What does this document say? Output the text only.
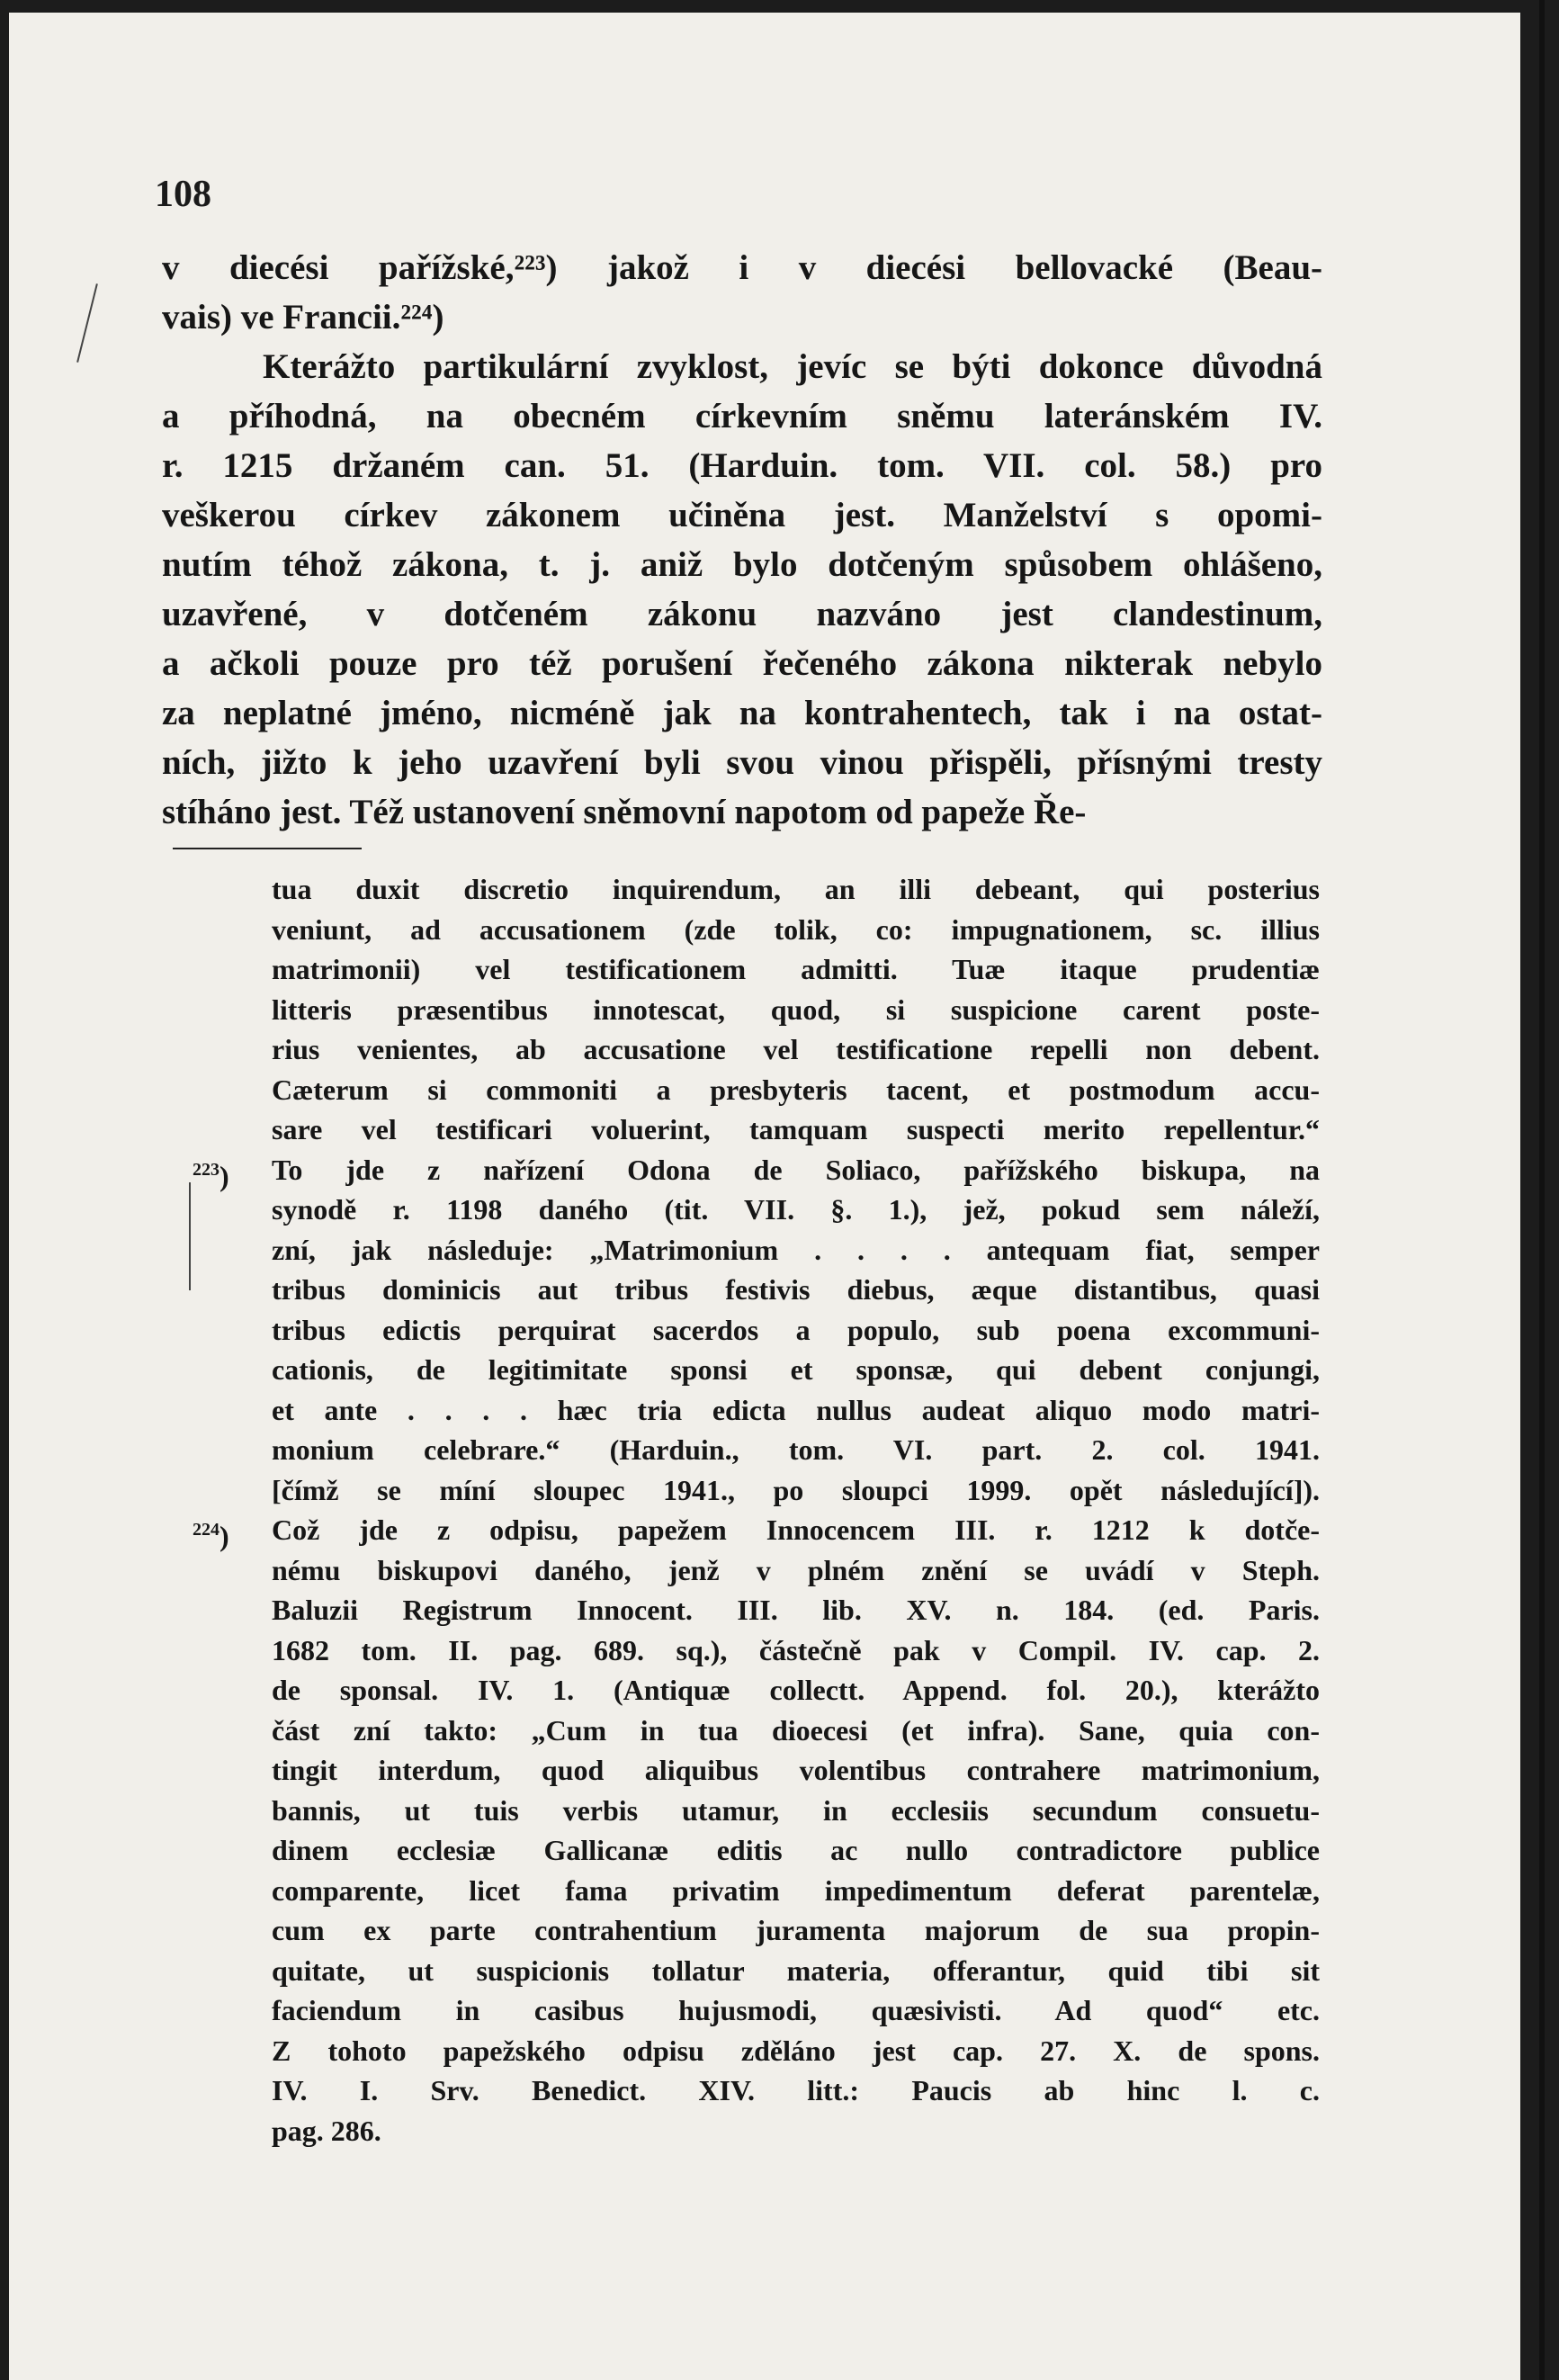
108

v diecési pařížské,²²³) jakož i v diecési bellovacké (Beau-
vais) ve Francii.²²⁴)
Kterážto partikulární zvyklost, jevíc se býti dokonce důvodná
a příhodná, na obecném církevním sněmu lateránském IV.
r. 1215 držaném can. 51. (Harduin. tom. VII. col. 58.) pro
veškerou církev zákonem učiněna jest. Manželství s opomi-
nutím téhož zákona, t. j. aniž bylo dotčeným spůsobem ohlášeno,
uzavřené, v dotčeném zákonu nazváno jest clandestinum,
a ačkoli pouze pro též porušení řečeného zákona nikterak nebylo
za neplatné jméno, nicméně jak na kontrahentech, tak i na ostat-
ních, jižto k jeho uzavření byli svou vinou přispěli, přísnými tresty
stíháno jest. Též ustanovení sněmovní napotom od papeže Ře-
tua duxit discretio inquirendum, an illi debeant, qui posterius
veniunt, ad accusationem (zde tolik, co: impugnationem, sc. illius
matrimonii) vel testificationem admitti. Tuæ itaque prudentiæ
litteris præsentibus innotescat, quod, si suspicione carent poste-
rius venientes, ab accusatione vel testificatione repelli non debent.
Cæterum si commoniti a presbyteris tacent, et postmodum accu-
sare vel testificari voluerint, tamquam suspecti merito repellentur.“
$^{223}$)	To jde z nařízení Odona de Soliaco, pařížského biskupa, na
synodě r. 1198 daného (tit. VII. §. 1.), jež, pokud sem náleží,
zní, jak následuje: „Matrimonium . . . . antequam fiat, semper
tribus dominicis aut tribus festivis diebus, æque distantibus, quasi
tribus edictis perquirat sacerdos a populo, sub poena excommuni-
cationis, de legitimitate sponsi et sponsæ, qui debent conjungi,
et ante . . . . hæc tria edicta nullus audeat aliquo modo matri-
monium celebrare.“ (Harduin., tom. VI. part. 2. col. 1941.
[čímž se míní sloupec 1941., po sloupci 1999. opět následující]).
$^{224}$)	Což jde z odpisu, papežem Innocencem III. r. 1212 k dotče-
nému biskupovi daného, jenž v plném znění se uvádí v Steph.
Baluzii Registrum Innocent. III. lib. XV. n. 184. (ed. Paris.
1682 tom. II. pag. 689. sq.), částečně pak v Compil. IV. cap. 2.
de sponsal. IV. 1. (Antiquæ collectt. Append. fol. 20.), kterážto
část zní takto: „Cum in tua dioecesi (et infra). Sane, quia con-
tingit interdum, quod aliquibus volentibus contrahere matrimonium,
bannis, ut tuis verbis utamur, in ecclesiis secundum consuetu-
dinem ecclesiæ Gallicanæ editis ac nullo contradictore publice
comparente, licet fama privatim impedimentum deferat parentelæ,
cum ex parte contrahentium juramenta majorum de sua propin-
quitate, ut suspicionis tollatur materia, offerantur, quid tibi sit
faciendum in casibus hujusmodi, quæsivisti. Ad quod“ etc.
Z tohoto papežského odpisu zděláno jest cap. 27. X. de spons.
IV. I. Srv. Benedict. XIV. litt.: Paucis ab hinc l. c.
pag. 286.
